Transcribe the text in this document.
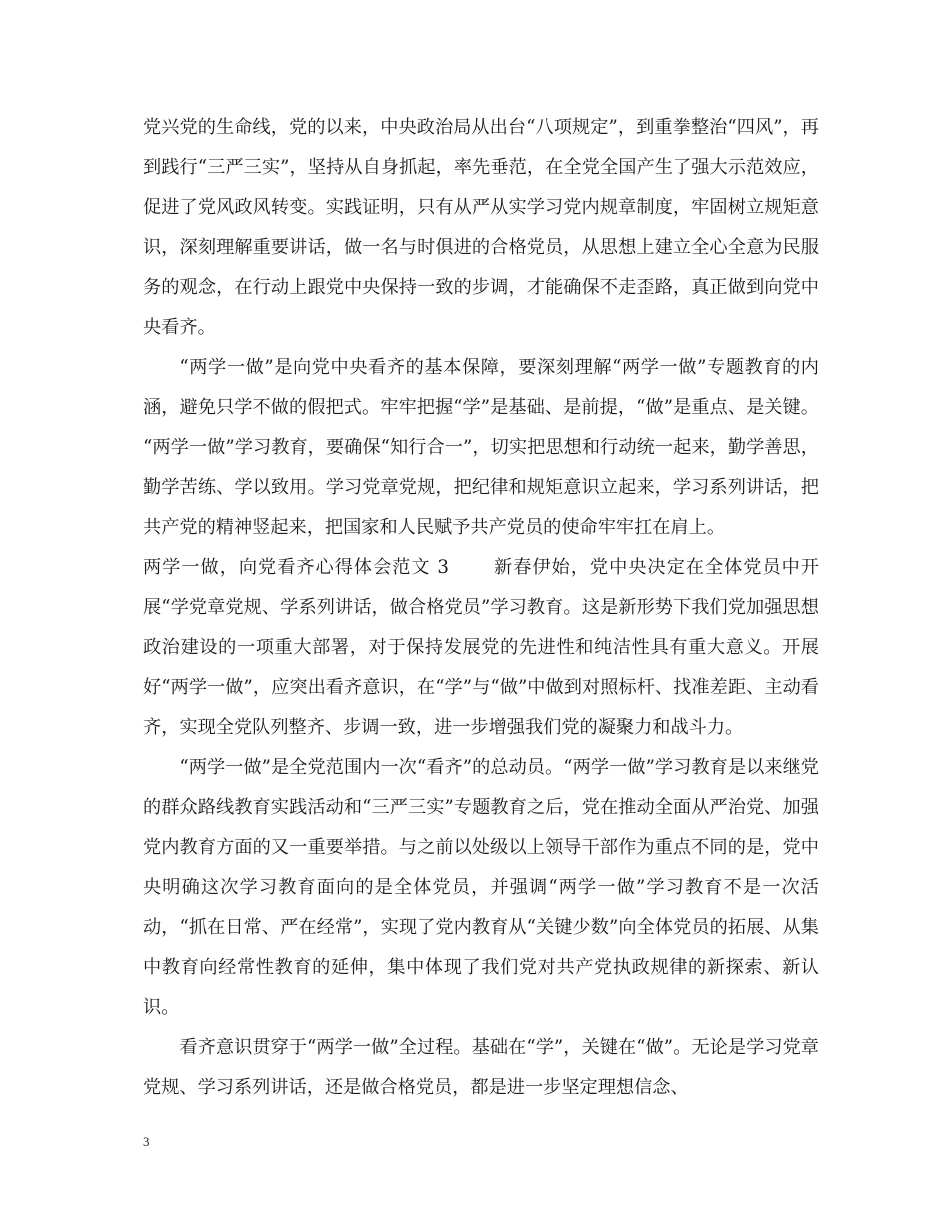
党兴党的生命线，党的以来，中央政治局从出台“八项规定”，到重拳整治“四风”，再到践行“三严三实”，坚持从自身抓起，率先垂范，在全党全国产生了强大示范效应，促进了党风政风转变。实践证明，只有从严从实学习党内规章制度，牢固树立规矩意识，深刻理解重要讲话，做一名与时俱进的合格党员，从思想上建立全心全意为民服务的观念，在行动上跟党中央保持一致的步调，才能确保不走歪路，真正做到向党中央看齐。

“两学一做”是向党中央看齐的基本保障，要深刻理解“两学一做”专题教育的内涵，避免只学不做的假把式。牢牢把握“学”是基础、是前提，“做”是重点、是关键。 “两学一做”学习教育，要确保“知行合一”，切实把思想和行动统一起来，勤学善思，勤学苦练、学以致用。学习党章党规，把纪律和规矩意识立起来，学习系列讲话，把共产党的精神竖起来，把国家和人民赋予共产党员的使命牢牢扛在肩上。

两学一做，向党看齐心得体会范文 3 　　新春伊始，党中央决定在全体党员中开展“学党章党规、学系列讲话，做合格党员”学习教育。这是新形势下我们党加强思想政治建设的一项重大部署，对于保持发展党的先进性和纯洁性具有重大意义。开展好“两学一做”，应突出看齐意识，在“学”与“做”中做到对照标杆、找准差距、主动看齐，实现全党队列整齐、步调一致，进一步增强我们党的凝聚力和战斗力。

“两学一做”是全党范围内一次“看齐”的总动员。“两学一做”学习教育是以来继党的群众路线教育实践活动和“三严三实”专题教育之后，党在推动全面从严治党、加强党内教育方面的又一重要举措。与之前以处级以上领导干部作为重点不同的是，党中央明确这次学习教育面向的是全体党员，并强调“两学一做”学习教育不是一次活动，“抓在日常、严在经常”，实现了党内教育从“关键少数”向全体党员的拓展、从集中教育向经常性教育的延伸，集中体现了我们党对共产党执政规律的新探索、新认识。

看齐意识贯穿于“两学一做”全过程。基础在“学”，关键在“做”。无论是学习党章党规、学习系列讲话，还是做合格党员，都是进一步坚定理想信念、

3
